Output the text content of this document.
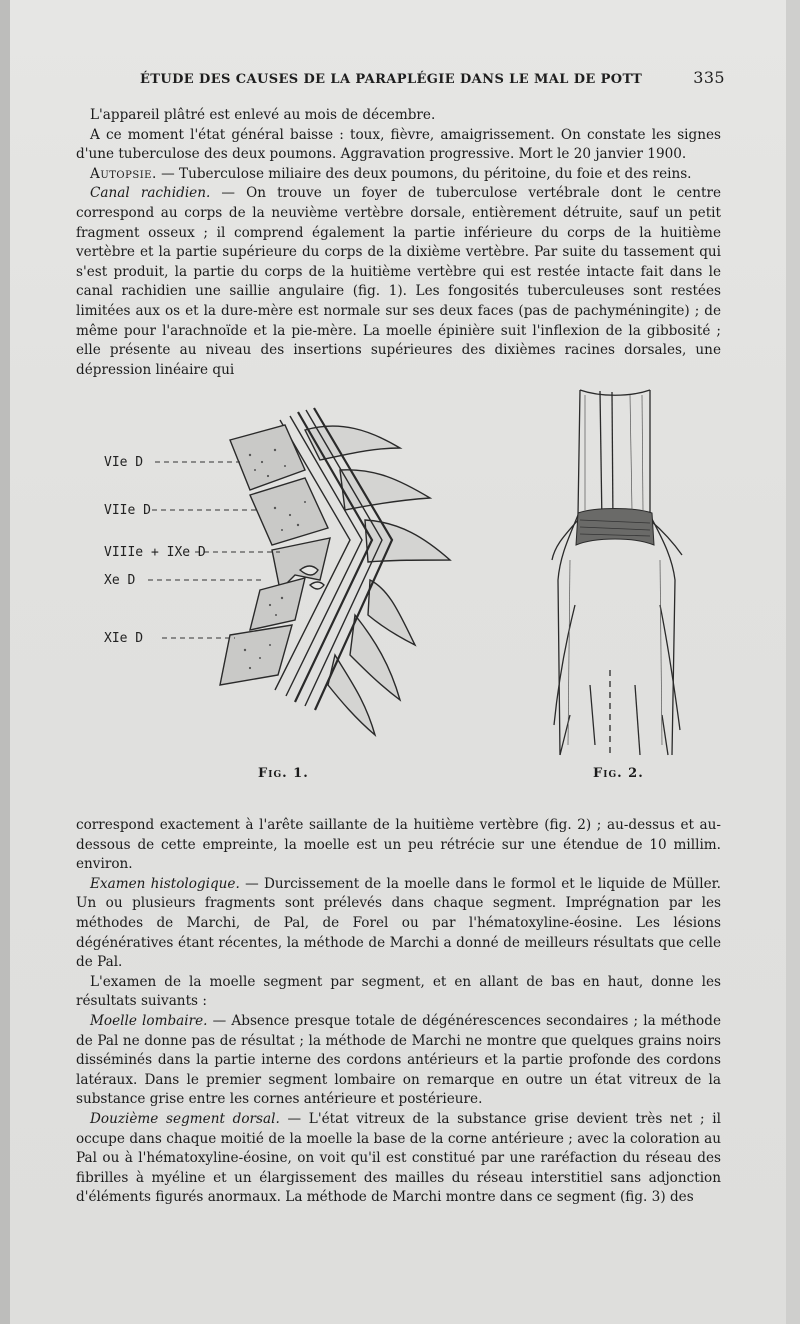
ÉTUDE DES CAUSES DE LA PARAPLÉGIE DANS LE MAL DE POTT	335

L'appareil plâtré est enlevé au mois de décembre.

A ce moment l'état général baisse : toux, fièvre, amaigrissement. On constate les signes d'une tuberculose des deux poumons. Aggravation progressive. Mort le 20 janvier 1900.

Autopsie. — Tuberculose miliaire des deux poumons, du péritoine, du foie et des reins.

Canal rachidien. — On trouve un foyer de tuberculose vertébrale dont le centre correspond au corps de la neuvième vertèbre dorsale, entièrement détruite, sauf un petit fragment osseux ; il comprend également la partie inférieure du corps de la huitième vertèbre et la partie supérieure du corps de la dixième vertèbre. Par suite du tassement qui s'est produit, la partie du corps de la huitième vertèbre qui est restée intacte fait dans le canal rachidien une saillie angulaire (fig. 1). Les fongosités tuberculeuses sont restées limitées aux os et la dure-mère est normale sur ses deux faces (pas de pachyméningite) ; de même pour l'arachnoïde et la pie-mère. La moelle épinière suit l'inflexion de la gibbosité ; elle présente au niveau des insertions supérieures des dixièmes racines dorsales, une dépression linéaire qui

VIe D
VIIe D
VIIIe + IXe D
Xe D
XIe D
Fig. 1.	Fig. 2.

correspond exactement à l'arête saillante de la huitième vertèbre (fig. 2) ; au-dessus et au-dessous de cette empreinte, la moelle est un peu rétrécie sur une étendue de 10 millim. environ.

Examen histologique. — Durcissement de la moelle dans le formol et le liquide de Müller. Un ou plusieurs fragments sont prélevés dans chaque segment. Imprégnation par les méthodes de Marchi, de Pal, de Forel ou par l'hématoxyline-éosine. Les lésions dégénératives étant récentes, la méthode de Marchi a donné de meilleurs résultats que celle de Pal.

L'examen de la moelle segment par segment, et en allant de bas en haut, donne les résultats suivants :

Moelle lombaire. — Absence presque totale de dégénérescences secondaires ; la méthode de Pal ne donne pas de résultat ; la méthode de Marchi ne montre que quelques grains noirs disséminés dans la partie interne des cordons antérieurs et la partie profonde des cordons latéraux. Dans le premier segment lombaire on remarque en outre un état vitreux de la substance grise entre les cornes antérieure et postérieure.

Douzième segment dorsal. — L'état vitreux de la substance grise devient très net ; il occupe dans chaque moitié de la moelle la base de la corne antérieure ; avec la coloration au Pal ou à l'hématoxyline-éosine, on voit qu'il est constitué par une raréfaction du réseau des fibrilles à myéline et un élargissement des mailles du réseau interstitiel sans adjonction d'éléments figurés anormaux. La méthode de Marchi montre dans ce segment (fig. 3) des
